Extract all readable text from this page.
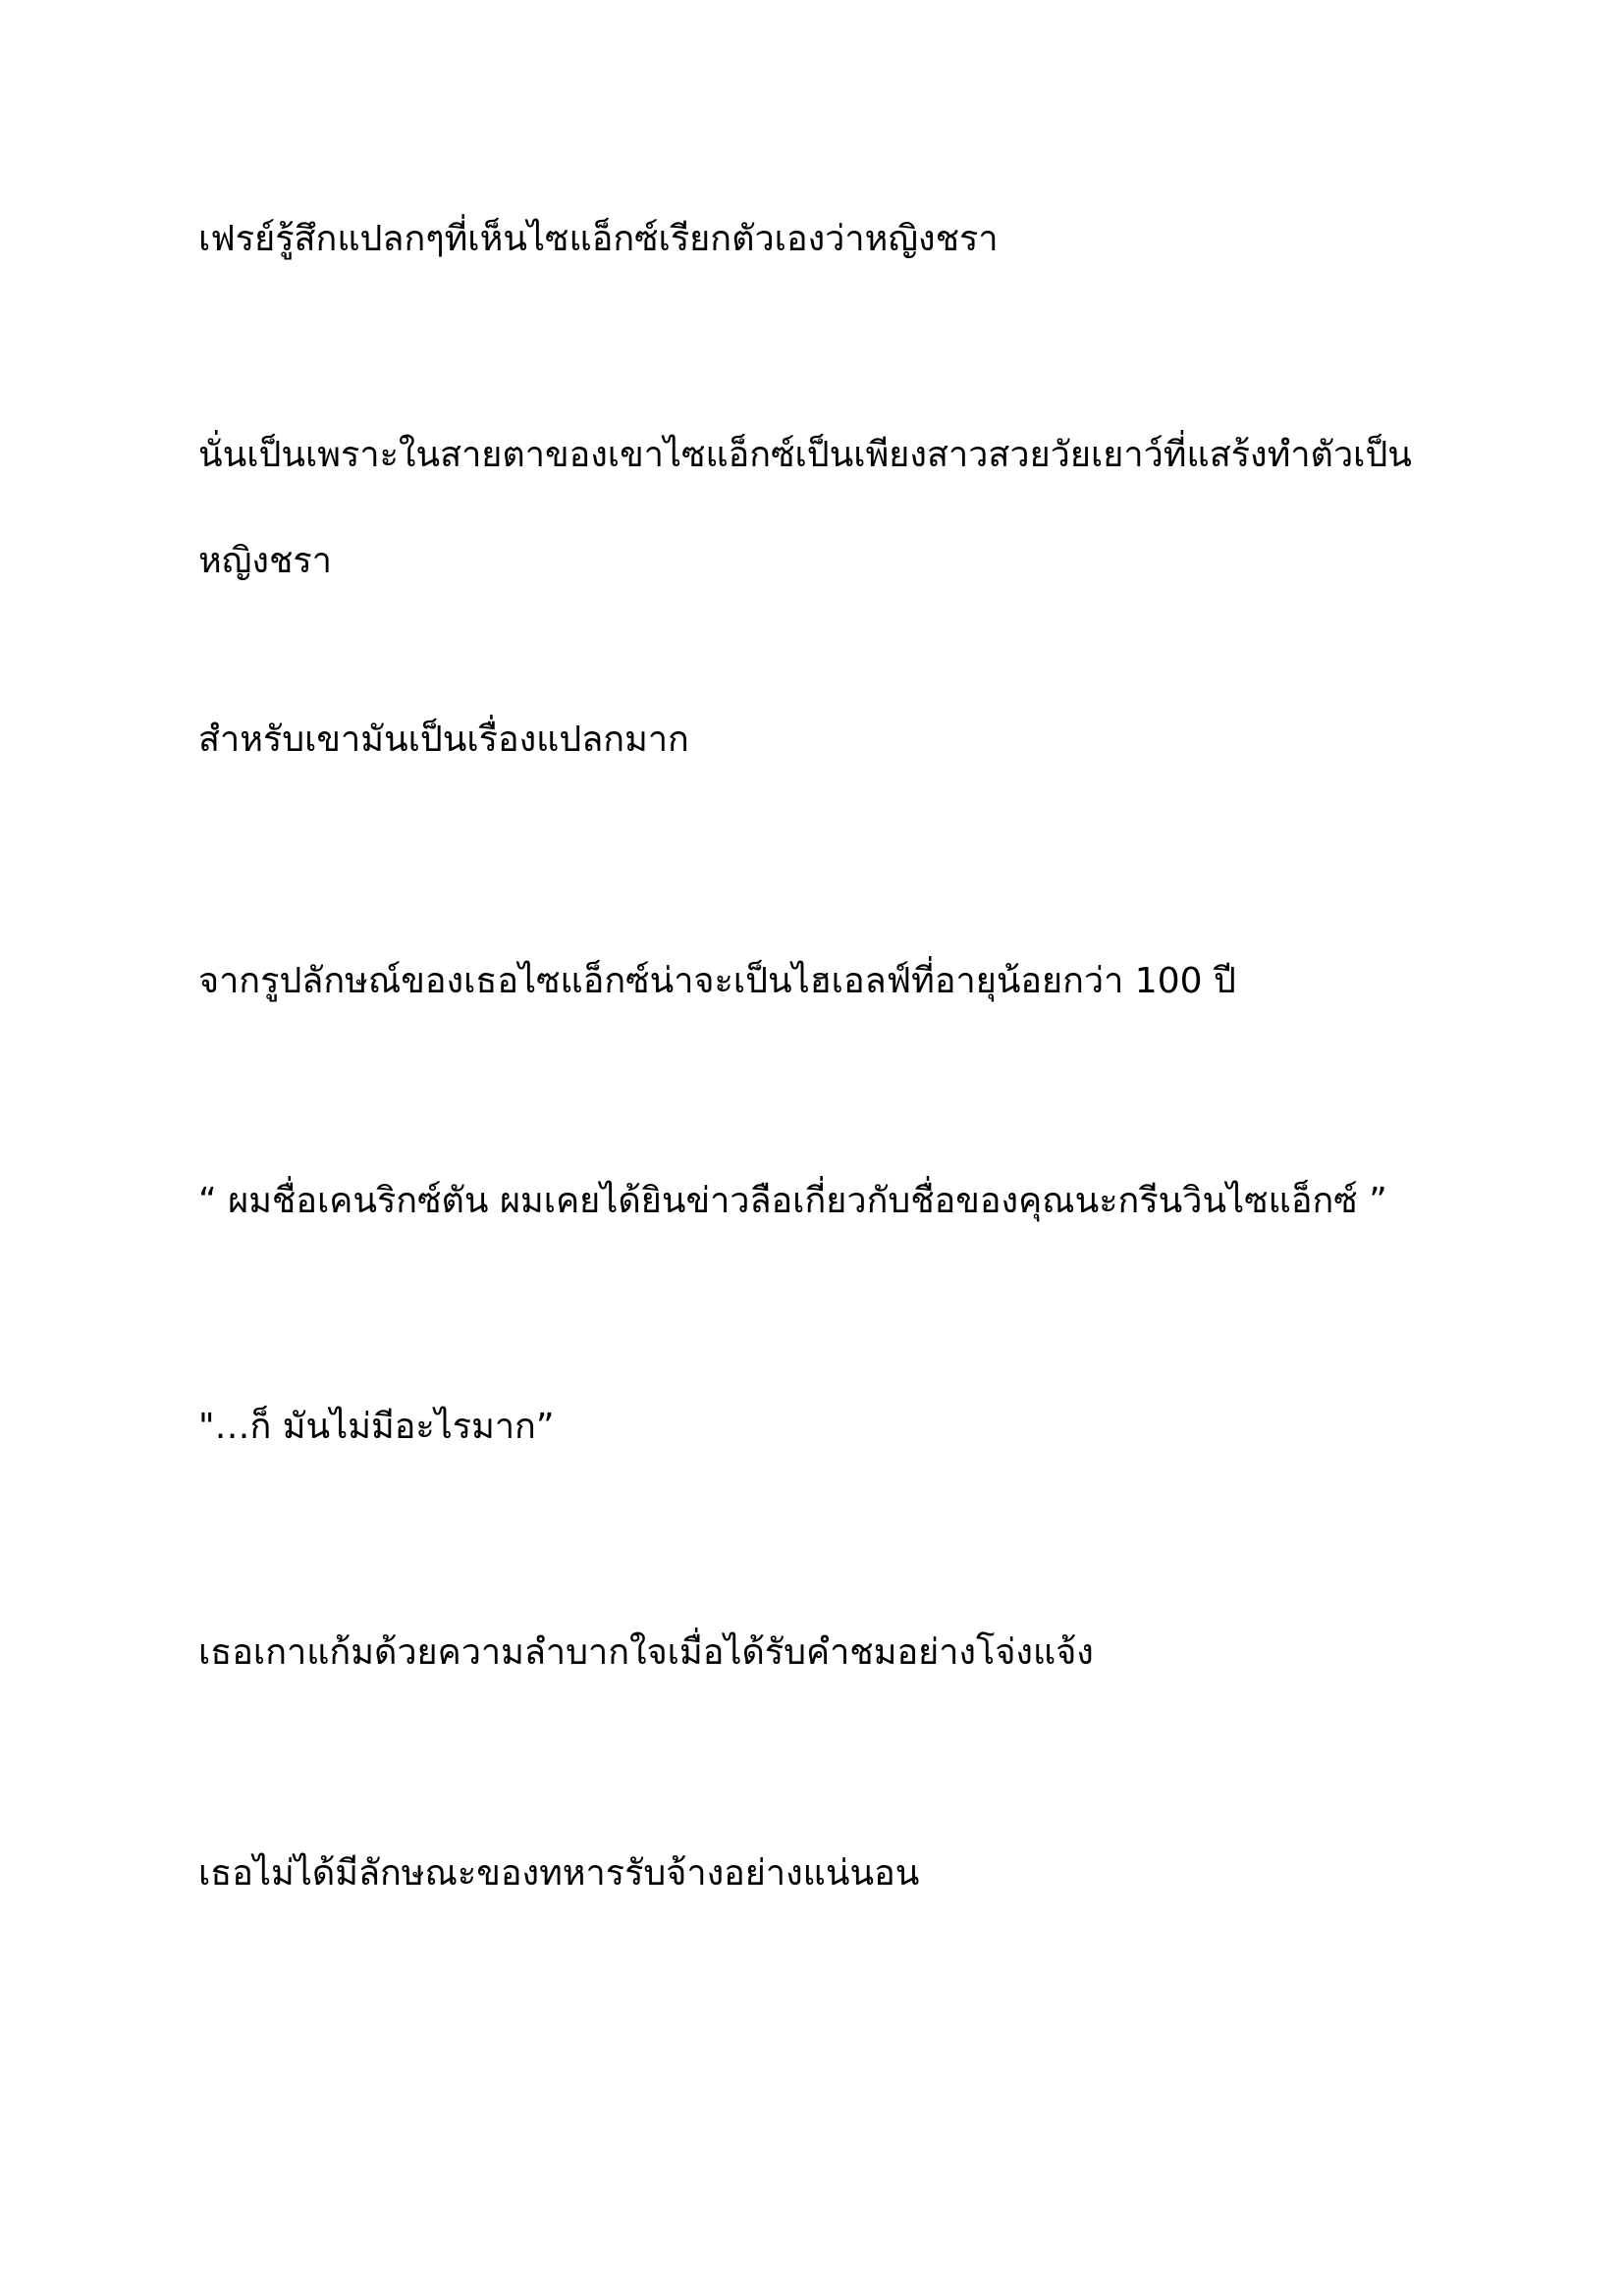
เฟรย์รู้สึกแปลกๆที่เห็นไซแอ็กซ์เรียกตัวเองว่าหญิงชรา

นั่นเป็นเพราะในสายตาของเขาไซแอ็กซ์เป็นเพียงสาวสวยวัยเยาว์ที่แสร้งทำตัวเป็นหญิงชรา

สำหรับเขามันเป็นเรื่องแปลกมาก

จากรูปลักษณ์ของเธอไซแอ็กซ์น่าจะเป็นไฮเอลฟ์ที่อายุน้อยกว่า 100 ปี

“ ผมชื่อเคนริกซ์ตัน ผมเคยได้ยินข่าวลือเกี่ยวกับชื่อของคุณนะกรีนวินไซแอ็กซ์ ”

"…ก็ มันไม่มีอะไรมาก”

เธอเกาแก้มด้วยความลำบากใจเมื่อได้รับคำชมอย่างโจ่งแจ้ง

เธอไม่ได้มีลักษณะของทหารรับจ้างอย่างแน่นอน
